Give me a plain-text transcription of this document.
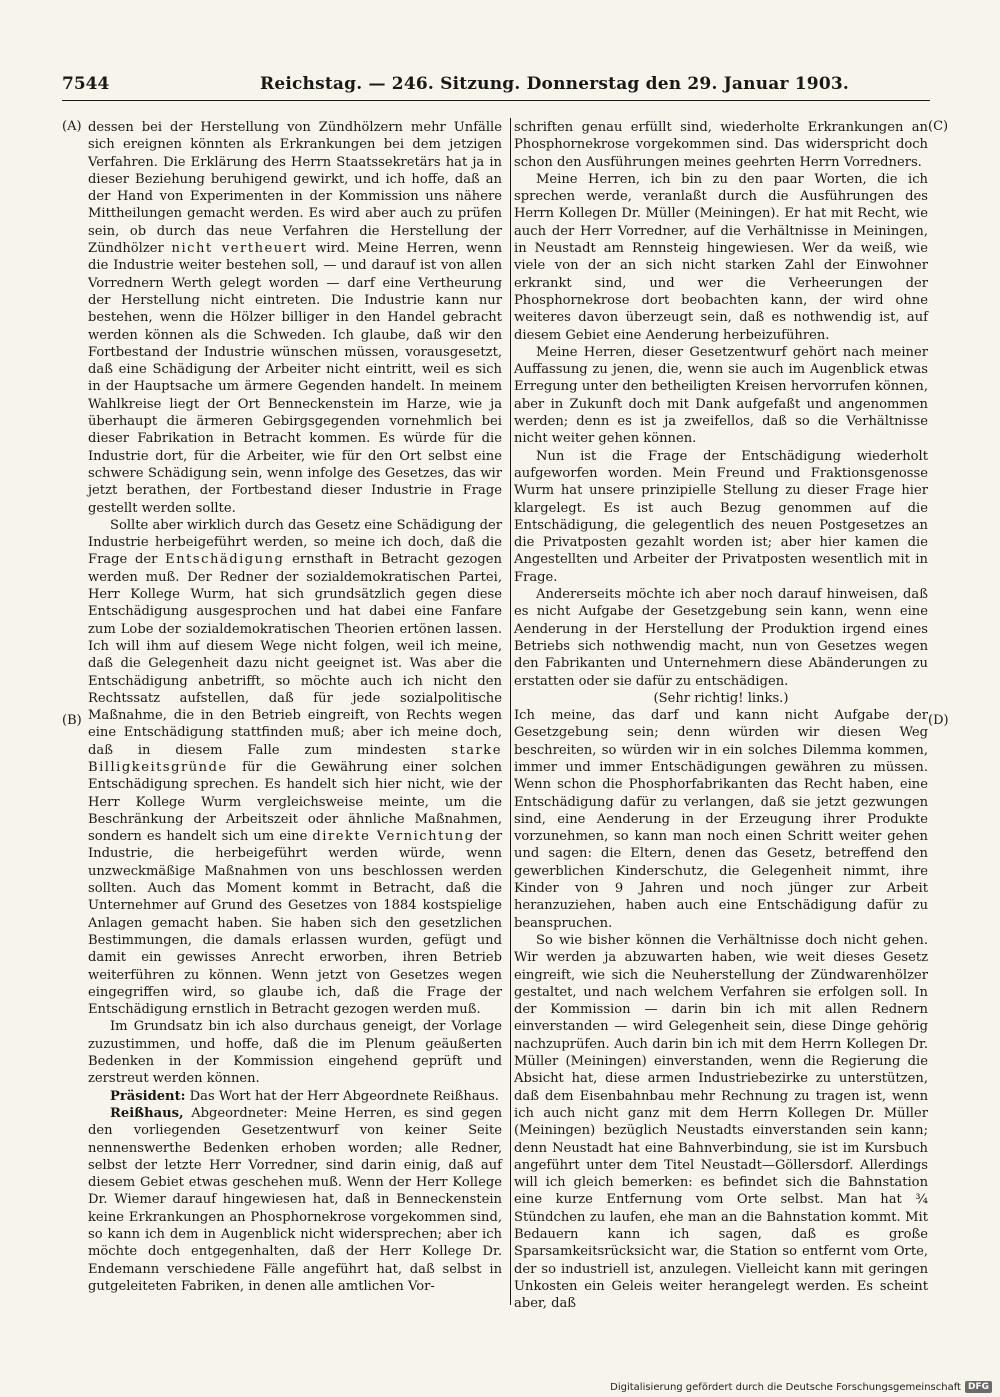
7544	Reichstag. — 246. Sitzung. Donnerstag den 29. Januar 1903.
(A)
(B)
(C)
(D)

dessen bei der Herstellung von Zündhölzern mehr Unfälle sich ereignen könnten als Erkrankungen bei dem jetzigen Verfahren. Die Erklärung des Herrn Staatssekretärs hat ja in dieser Beziehung beruhigend gewirkt, und ich hoffe, daß an der Hand von Experimenten in der Kommission uns nähere Mittheilungen gemacht werden. Es wird aber auch zu prüfen sein, ob durch das neue Verfahren die Herstellung der Zündhölzer nicht vertheuert wird. Meine Herren, wenn die Industrie weiter bestehen soll, — und darauf ist von allen Vorrednern Werth gelegt worden — darf eine Vertheurung der Herstellung nicht eintreten. Die Industrie kann nur bestehen, wenn die Hölzer billiger in den Handel gebracht werden können als die Schweden. Ich glaube, daß wir den Fortbestand der Industrie wünschen müssen, vorausgesetzt, daß eine Schädigung der Arbeiter nicht eintritt, weil es sich in der Hauptsache um ärmere Gegenden handelt. In meinem Wahlkreise liegt der Ort Benneckenstein im Harze, wie ja überhaupt die ärmeren Gebirgsgegenden vornehmlich bei dieser Fabrikation in Betracht kommen. Es würde für die Industrie dort, für die Arbeiter, wie für den Ort selbst eine schwere Schädigung sein, wenn infolge des Gesetzes, das wir jetzt berathen, der Fortbestand dieser Industrie in Frage gestellt werden sollte.

Sollte aber wirklich durch das Gesetz eine Schädigung der Industrie herbeigeführt werden, so meine ich doch, daß die Frage der Entschädigung ernsthaft in Betracht gezogen werden muß. Der Redner der sozialdemokratischen Partei, Herr Kollege Wurm, hat sich grundsätzlich gegen diese Entschädigung ausgesprochen und hat dabei eine Fanfare zum Lobe der sozialdemokratischen Theorien ertönen lassen. Ich will ihm auf diesem Wege nicht folgen, weil ich meine, daß die Gelegenheit dazu nicht geeignet ist. Was aber die Entschädigung anbetrifft, so möchte auch ich nicht den Rechtssatz aufstellen, daß für jede sozialpolitische Maßnahme, die in den Betrieb eingreift, von Rechts wegen eine Entschädigung stattfinden muß; aber ich meine doch, daß in diesem Falle zum mindesten starke Billigkeitsgründe für die Gewährung einer solchen Entschädigung sprechen. Es handelt sich hier nicht, wie der Herr Kollege Wurm vergleichsweise meinte, um die Beschränkung der Arbeitszeit oder ähnliche Maßnahmen, sondern es handelt sich um eine direkte Vernichtung der Industrie, die herbeigeführt werden würde, wenn unzweckmäßige Maßnahmen von uns beschlossen werden sollten. Auch das Moment kommt in Betracht, daß die Unternehmer auf Grund des Gesetzes von 1884 kostspielige Anlagen gemacht haben. Sie haben sich den gesetzlichen Bestimmungen, die damals erlassen wurden, gefügt und damit ein gewisses Anrecht erworben, ihren Betrieb weiterführen zu können. Wenn jetzt von Gesetzes wegen eingegriffen wird, so glaube ich, daß die Frage der Entschädigung ernstlich in Betracht gezogen werden muß.

Im Grundsatz bin ich also durchaus geneigt, der Vorlage zuzustimmen, und hoffe, daß die im Plenum geäußerten Bedenken in der Kommission eingehend geprüft und zerstreut werden können.

Präsident: Das Wort hat der Herr Abgeordnete Reißhaus.

Reißhaus, Abgeordneter: Meine Herren, es sind gegen den vorliegenden Gesetzentwurf von keiner Seite nennenswerthe Bedenken erhoben worden; alle Redner, selbst der letzte Herr Vorredner, sind darin einig, daß auf diesem Gebiet etwas geschehen muß. Wenn der Herr Kollege Dr. Wiemer darauf hingewiesen hat, daß in Benneckenstein keine Erkrankungen an Phosphornekrose vorgekommen sind, so kann ich dem in Augenblick nicht widersprechen; aber ich möchte doch entgegenhalten, daß der Herr Kollege Dr. Endemann verschiedene Fälle angeführt hat, daß selbst in gutgeleiteten Fabriken, in denen alle amtlichen Vor-

schriften genau erfüllt sind, wiederholte Erkrankungen an Phosphornekrose vorgekommen sind. Das widerspricht doch schon den Ausführungen meines geehrten Herrn Vorredners.

Meine Herren, ich bin zu den paar Worten, die ich sprechen werde, veranlaßt durch die Ausführungen des Herrn Kollegen Dr. Müller (Meiningen). Er hat mit Recht, wie auch der Herr Vorredner, auf die Verhältnisse in Meiningen, in Neustadt am Rennsteig hingewiesen. Wer da weiß, wie viele von der an sich nicht starken Zahl der Einwohner erkrankt sind, und wer die Verheerungen der Phosphornekrose dort beobachten kann, der wird ohne weiteres davon überzeugt sein, daß es nothwendig ist, auf diesem Gebiet eine Aenderung herbeizuführen.

Meine Herren, dieser Gesetzentwurf gehört nach meiner Auffassung zu jenen, die, wenn sie auch im Augenblick etwas Erregung unter den betheiligten Kreisen hervorrufen können, aber in Zukunft doch mit Dank aufgefaßt und angenommen werden; denn es ist ja zweifellos, daß so die Verhältnisse nicht weiter gehen können.

Nun ist die Frage der Entschädigung wiederholt aufgeworfen worden. Mein Freund und Fraktionsgenosse Wurm hat unsere prinzipielle Stellung zu dieser Frage hier klargelegt. Es ist auch Bezug genommen auf die Entschädigung, die gelegentlich des neuen Postgesetzes an die Privatposten gezahlt worden ist; aber hier kamen die Angestellten und Arbeiter der Privatposten wesentlich mit in Frage.

Andererseits möchte ich aber noch darauf hinweisen, daß es nicht Aufgabe der Gesetzgebung sein kann, wenn eine Aenderung in der Herstellung der Produktion irgend eines Betriebs sich nothwendig macht, nun von Gesetzes wegen den Fabrikanten und Unternehmern diese Abänderungen zu erstatten oder sie dafür zu entschädigen.

(Sehr richtig! links.)

Ich meine, das darf und kann nicht Aufgabe der Gesetzgebung sein; denn würden wir diesen Weg beschreiten, so würden wir in ein solches Dilemma kommen, immer und immer Entschädigungen gewähren zu müssen. Wenn schon die Phosphorfabrikanten das Recht haben, eine Entschädigung dafür zu verlangen, daß sie jetzt gezwungen sind, eine Aenderung in der Erzeugung ihrer Produkte vorzunehmen, so kann man noch einen Schritt weiter gehen und sagen: die Eltern, denen das Gesetz, betreffend den gewerblichen Kinderschutz, die Gelegenheit nimmt, ihre Kinder von 9 Jahren und noch jünger zur Arbeit heranzuziehen, haben auch eine Entschädigung dafür zu beanspruchen.

So wie bisher können die Verhältnisse doch nicht gehen. Wir werden ja abzuwarten haben, wie weit dieses Gesetz eingreift, wie sich die Neuherstellung der Zündwarenhölzer gestaltet, und nach welchem Verfahren sie erfolgen soll. In der Kommission — darin bin ich mit allen Rednern einverstanden — wird Gelegenheit sein, diese Dinge gehörig nachzuprüfen. Auch darin bin ich mit dem Herrn Kollegen Dr. Müller (Meiningen) einverstanden, wenn die Regierung die Absicht hat, diese armen Industriebezirke zu unterstützen, daß dem Eisenbahnbau mehr Rechnung zu tragen ist, wenn ich auch nicht ganz mit dem Herrn Kollegen Dr. Müller (Meiningen) bezüglich Neustadts einverstanden sein kann; denn Neustadt hat eine Bahnverbindung, sie ist im Kursbuch angeführt unter dem Titel Neustadt—Göllersdorf. Allerdings will ich gleich bemerken: es befindet sich die Bahnstation eine kurze Entfernung vom Orte selbst. Man hat ¾ Stündchen zu laufen, ehe man an die Bahnstation kommt. Mit Bedauern kann ich sagen, daß es große Sparsamkeitsrücksicht war, die Station so entfernt vom Orte, der so industriell ist, anzulegen. Vielleicht kann mit geringen Unkosten ein Geleis weiter herangelegt werden. Es scheint aber, daß

Digitalisierung gefördert durch die Deutsche Forschungsgemeinschaft DFG
